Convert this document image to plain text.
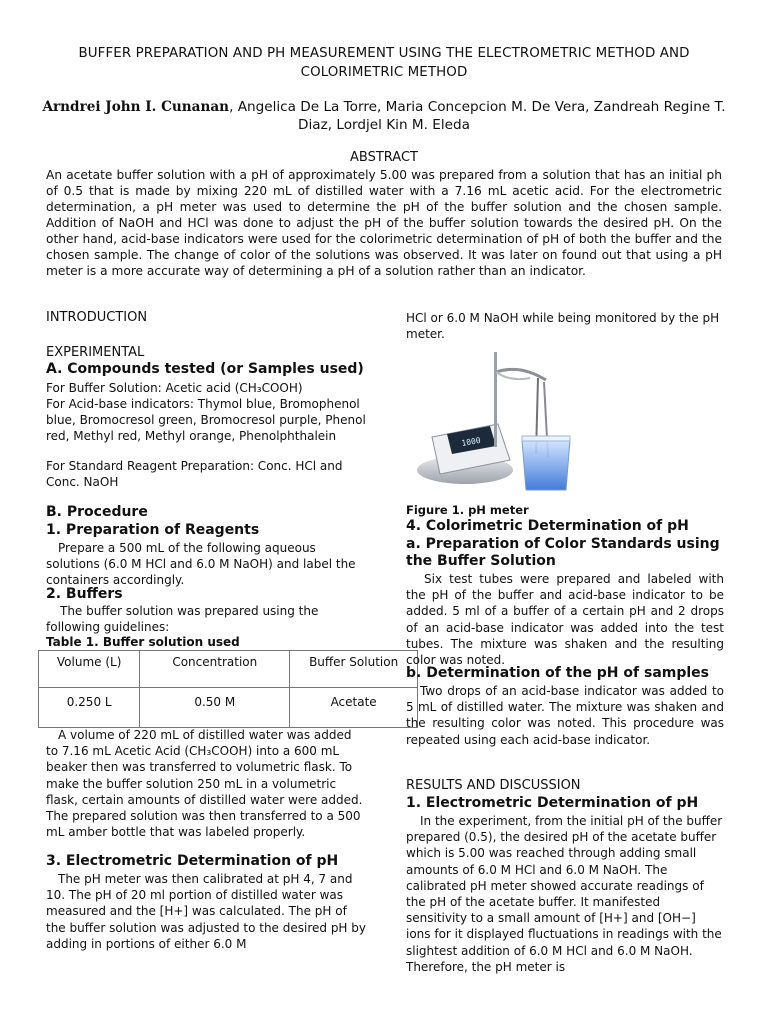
BUFFER PREPARATION AND PH MEASUREMENT USING THE ELECTROMETRIC METHOD AND COLORIMETRIC METHOD
Arndrei John I. Cunanan, Angelica De La Torre, Maria Concepcion M. De Vera, Zandreah Regine T. Diaz, Lordjel Kin M. Eleda
ABSTRACT
An acetate buffer solution with a pH of approximately 5.00 was prepared from a solution that has an initial ph of 0.5 that is made by mixing 220 mL of distilled water with a 7.16 mL acetic acid. For the electrometric determination, a pH meter was used to determine the pH of the buffer solution and the chosen sample. Addition of NaOH and HCl was done to adjust the pH of the buffer solution towards the desired pH. On the other hand, acid-base indicators were used for the colorimetric determination of pH of both the buffer and the chosen sample. The change of color of the solutions was observed. It was later on found out that using a pH meter is a more accurate way of determining a pH of a solution rather than an indicator.
INTRODUCTION
EXPERIMENTAL
A. Compounds tested (or Samples used)
For Buffer Solution: Acetic acid (CH₃COOH)
For Acid-base indicators: Thymol blue, Bromophenol blue, Bromocresol green, Bromocresol purple, Phenol red, Methyl red, Methyl orange, Phenolphthalein
For Standard Reagent Preparation: Conc. HCl and Conc. NaOH
B. Procedure
1. Preparation of Reagents
Prepare a 500 mL of the following aqueous solutions (6.0 M HCl and 6.0 M NaOH) and label the containers accordingly.
2. Buffers
The buffer solution was prepared using the following guidelines:
Table 1. Buffer solution used
Volume (L)	Concentration	Buffer Solution
0.250 L	0.50 M	Acetate
A volume of 220 mL of distilled water was added to 7.16 mL Acetic Acid (CH₃COOH) into a 600 mL beaker then was transferred to volumetric flask. To make the buffer solution 250 mL in a volumetric flask, certain amounts of distilled water were added. The prepared solution was then transferred to a 500 mL amber bottle that was labeled properly.
3. Electrometric Determination of pH
The pH meter was then calibrated at pH 4, 7 and 10. The pH of 20 ml portion of distilled water was measured and the [H+] was calculated. The pH of the buffer solution was adjusted to the desired pH by adding in portions of either 6.0 M
HCl or 6.0 M NaOH while being monitored by the pH meter.
1000
Figure 1. pH meter
4. Colorimetric Determination of pH
a. Preparation of Color Standards using the Buffer Solution
Six test tubes were prepared and labeled with the pH of the buffer and acid-base indicator to be added. 5 ml of a buffer of a certain pH and 2 drops of an acid-base indicator was added into the test tubes. The mixture was shaken and the resulting color was noted.
b. Determination of the pH of samples
Two drops of an acid-base indicator was added to 5 mL of distilled water. The mixture was shaken and the resulting color was noted. This procedure was repeated using each acid-base indicator.
RESULTS AND DISCUSSION
1. Electrometric Determination of pH
In the experiment, from the initial pH of the buffer prepared (0.5), the desired pH of the acetate buffer which is 5.00 was reached through adding small amounts of 6.0 M HCl and 6.0 M NaOH. The calibrated pH meter showed accurate readings of the pH of the acetate buffer. It manifested sensitivity to a small amount of [H+] and [OH−] ions for it displayed fluctuations in readings with the slightest addition of 6.0 M HCl and 6.0 M NaOH. Therefore, the pH meter is
